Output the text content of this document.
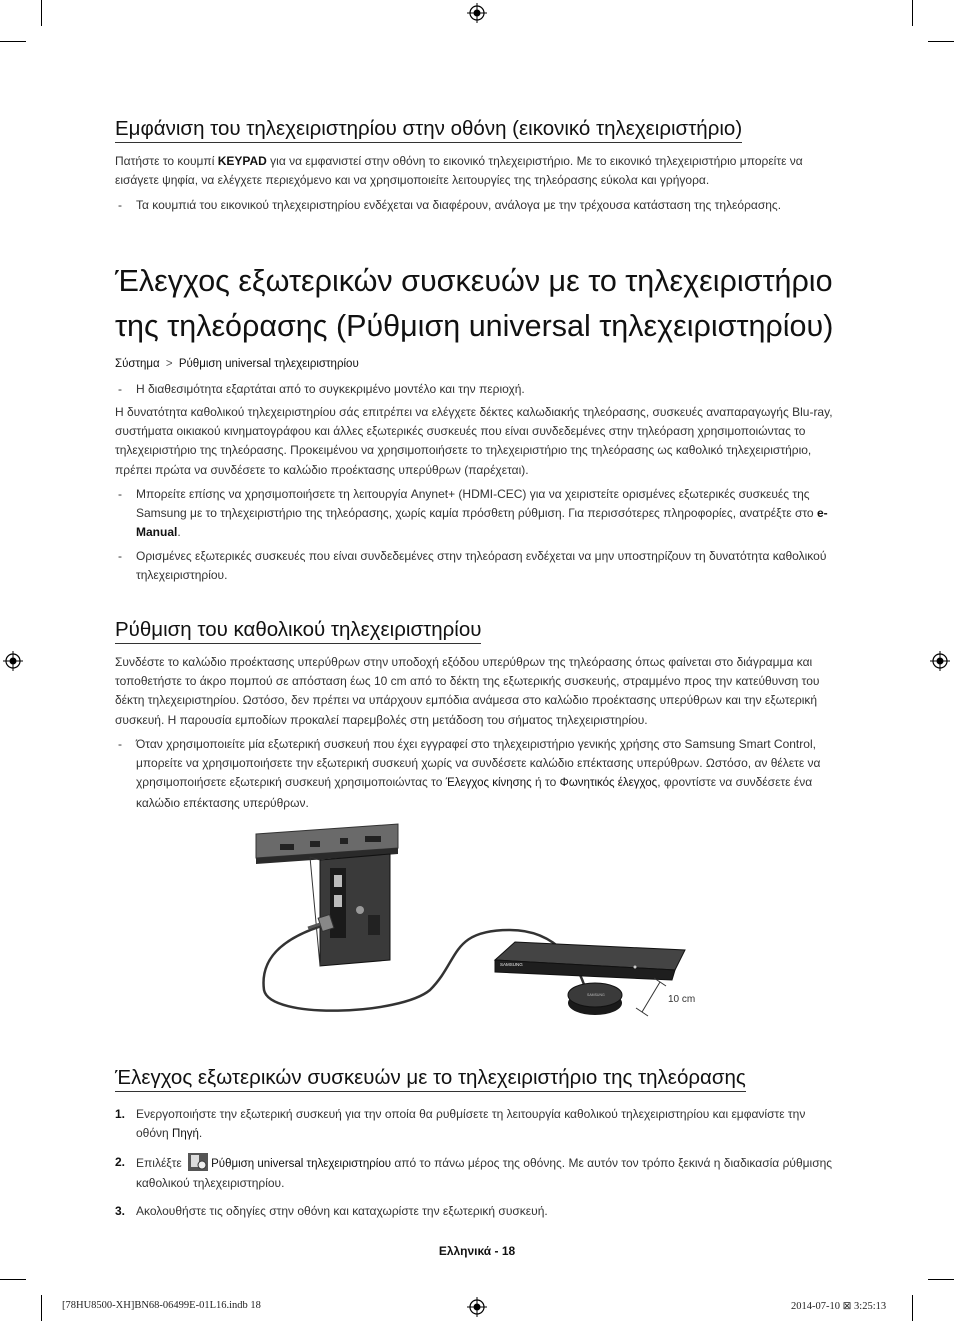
Εμφάνιση του τηλεχειριστηρίου στην οθόνη (εικονικό τηλεχειριστήριο)
Πατήστε το κουμπί KEYPAD για να εμφανιστεί στην οθόνη το εικονικό τηλεχειριστήριο. Με το εικονικό τηλεχειριστήριο μπορείτε να εισάγετε ψηφία, να ελέγχετε περιεχόμενο και να χρησιμοποιείτε λειτουργίες της τηλεόρασης εύκολα και γρήγορα.
- Τα κουμπιά του εικονικού τηλεχειριστηρίου ενδέχεται να διαφέρουν, ανάλογα με την τρέχουσα κατάσταση της τηλεόρασης.
Έλεγχος εξωτερικών συσκευών με το τηλεχειριστήριο
της τηλεόρασης (Ρύθμιση universal τηλεχειριστηρίου)
Σύστημα > Ρύθμιση universal τηλεχειριστηρίου
- Η διαθεσιμότητα εξαρτάται από το συγκεκριμένο μοντέλο και την περιοχή.
Η δυνατότητα καθολικού τηλεχειριστηρίου σάς επιτρέπει να ελέγχετε δέκτες καλωδιακής τηλεόρασης, συσκευές αναπαραγωγής Blu-ray, συστήματα οικιακού κινηματογράφου και άλλες εξωτερικές συσκευές που είναι συνδεδεμένες στην τηλεόραση χρησιμοποιώντας το τηλεχειριστήριο της τηλεόρασης. Προκειμένου να χρησιμοποιήσετε το τηλεχειριστήριο της τηλεόρασης ως καθολικό τηλεχειριστήριο, πρέπει πρώτα να συνδέσετε το καλώδιο προέκτασης υπερύθρων (παρέχεται).
- Μπορείτε επίσης να χρησιμοποιήσετε τη λειτουργία Anynet+ (HDMI-CEC) για να χειριστείτε ορισμένες εξωτερικές συσκευές της Samsung με το τηλεχειριστήριο της τηλεόρασης, χωρίς καμία πρόσθετη ρύθμιση. Για περισσότερες πληροφορίες, ανατρέξτε στο e-Manual.
- Ορισμένες εξωτερικές συσκευές που είναι συνδεδεμένες στην τηλεόραση ενδέχεται να μην υποστηρίζουν τη δυνατότητα καθολικού τηλεχειριστηρίου.
Ρύθμιση του καθολικού τηλεχειριστηρίου
Συνδέστε το καλώδιο προέκτασης υπερύθρων στην υποδοχή εξόδου υπερύθρων της τηλεόρασης όπως φαίνεται στο διάγραμμα και τοποθετήστε το άκρο πομπού σε απόσταση έως 10 cm από το δέκτη της εξωτερικής συσκευής, στραμμένο προς την κατεύθυνση του δέκτη τηλεχειριστηρίου. Ωστόσο, δεν πρέπει να υπάρχουν εμπόδια ανάμεσα στο καλώδιο προέκτασης υπερύθρων και την εξωτερική συσκευή. Η παρουσία εμποδίων προκαλεί παρεμβολές στη μετάδοση του σήματος τηλεχειριστηρίου.
- Όταν χρησιμοποιείτε μία εξωτερική συσκευή που έχει εγγραφεί στο τηλεχειριστήριο γενικής χρήσης στο Samsung Smart Control, μπορείτε να χρησιμοποιήσετε την εξωτερική συσκευή χωρίς να συνδέσετε καλώδιο επέκτασης υπερύθρων. Ωστόσο, αν θέλετε να χρησιμοποιήσετε εξωτερική συσκευή χρησιμοποιώντας το Έλεγχος κίνησης ή το Φωνητικός έλεγχος, φροντίστε να συνδέσετε ένα καλώδιο επέκτασης υπερύθρων.
SAMSUNG
SAMSUNG	10 cm
Έλεγχος εξωτερικών συσκευών με το τηλεχειριστήριο της τηλεόρασης
1. Ενεργοποιήστε την εξωτερική συσκευή για την οποία θα ρυθμίσετε τη λειτουργία καθολικού τηλεχειριστηρίου και εμφανίστε την οθόνη Πηγή.
2. Επιλέξτε Ρύθμιση universal τηλεχειριστηρίου από το πάνω μέρος της οθόνης. Με αυτόν τον τρόπο ξεκινά η διαδικασία ρύθμισης καθολικού τηλεχειριστηρίου.
3. Ακολουθήστε τις οδηγίες στην οθόνη και καταχωρίστε την εξωτερική συσκευή.
Ελληνικά - 18
[78HU8500-XH]BN68-06499E-01L16.indb 18	2014-07-10 ⊠ 3:25:13
